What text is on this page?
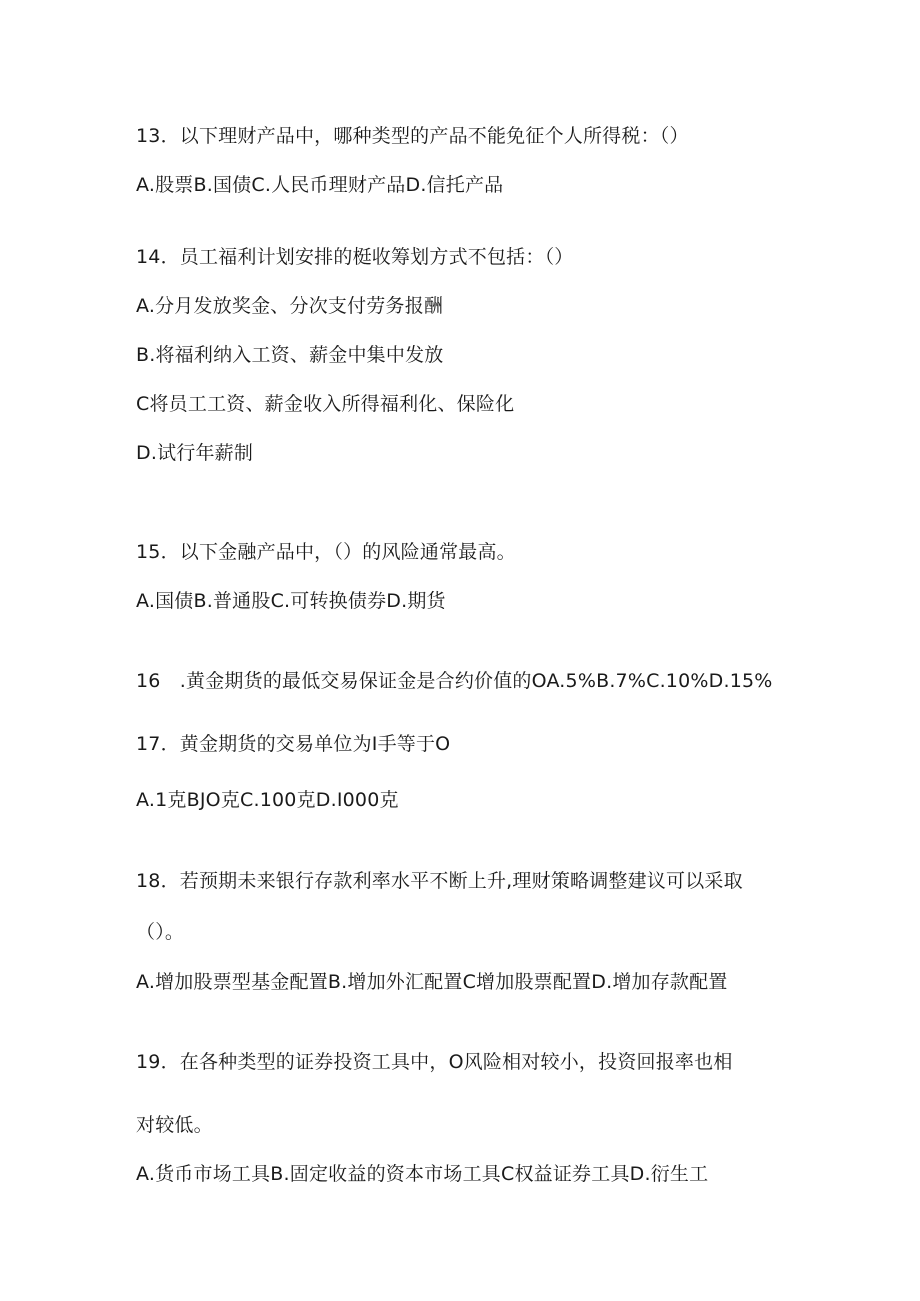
13．以下理财产品中，哪种类型的产品不能免征个人所得税：（）
A.股票B.国债C.人民币理财产品D.信托产品
14．员工福利计划安排的梃收筹划方式不包括：（）
A.分月发放奖金、分次支付劳务报酬
B.将福利纳入工资、薪金中集中发放
C将员工工资、薪金收入所得福利化、保险化
D.试行年薪制
15．以下金融产品中，（）的风险通常最高。
A.国债B.普通股C.可转换债券D.期货
16　.黄金期货的最低交易保证金是合约价值的OA.5%B.7%C.10%D.15%
17．黄金期货的交易单位为I手等于O
A.1克BJO克C.100克D.I000克
18．若预期未来银行存款利率水平不断上升,理财策略调整建议可以采取
（）。
A.增加股票型基金配置B.增加外汇配置C增加股票配置D.增加存款配置
19．在各种类型的证券投资工具中，O风险相对较小，投资回报率也相
对较低。
A.货币市场工具B.固定收益的资本市场工具C权益证券工具D.衍生工
